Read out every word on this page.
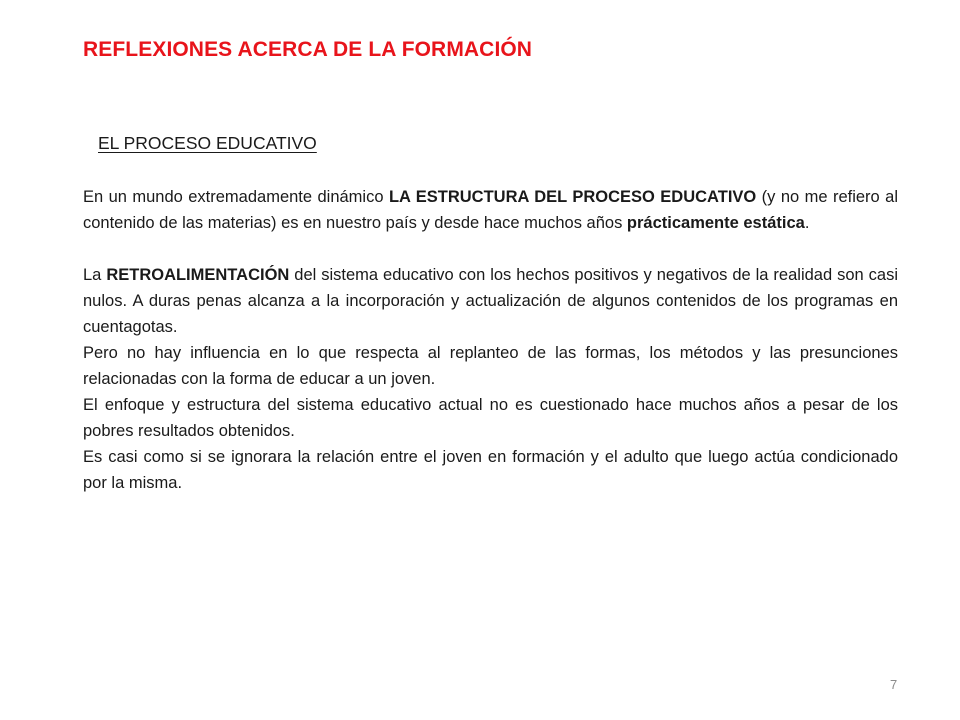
REFLEXIONES ACERCA DE LA FORMACIÓN
EL PROCESO EDUCATIVO

En un mundo extremadamente dinámico LA ESTRUCTURA DEL PROCESO EDUCATIVO (y no me refiero al contenido de las materias) es en nuestro país y desde hace muchos años prácticamente estática.

La RETROALIMENTACIÓN del sistema educativo con los hechos positivos y negativos de la realidad son casi nulos. A duras penas alcanza a la incorporación y actualización de algunos contenidos de los programas en cuentagotas.

Pero no hay influencia en lo que respecta al replanteo de las formas, los métodos y las presunciones relacionadas con la forma de educar a un joven.

El enfoque y estructura del sistema educativo actual no es cuestionado hace muchos años a pesar de los pobres resultados obtenidos.

Es casi como si se ignorara la relación entre el joven en formación y el adulto que luego actúa condicionado por la misma.

7
